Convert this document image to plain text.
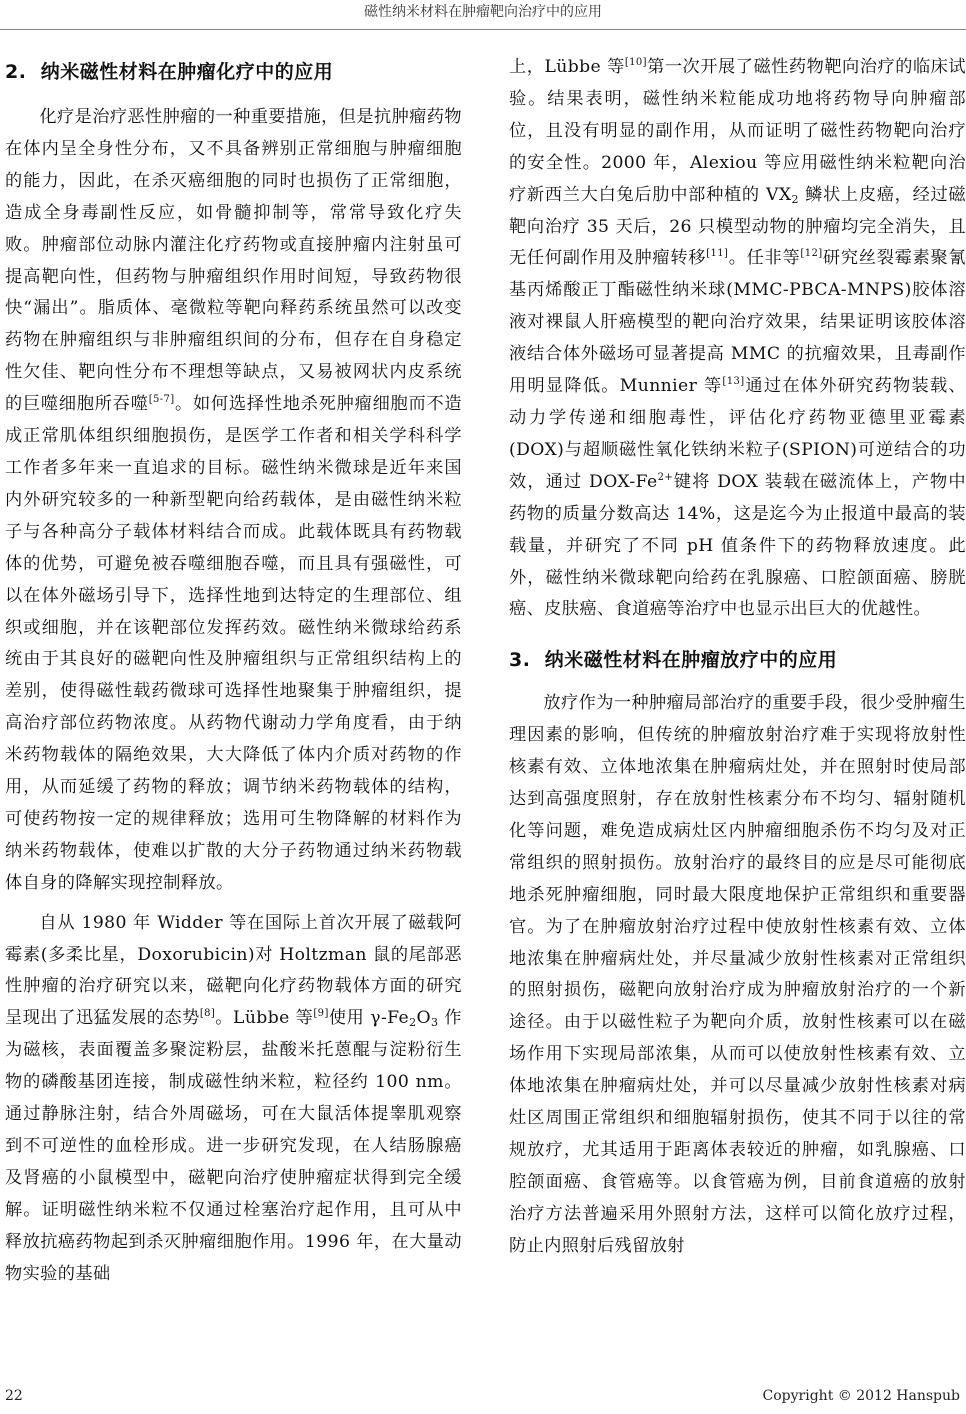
磁性纳米材料在肿瘤靶向治疗中的应用
2. 纳米磁性材料在肿瘤化疗中的应用

化疗是治疗恶性肿瘤的一种重要措施，但是抗肿瘤药物在体内呈全身性分布，又不具备辨别正常细胞与肿瘤细胞的能力，因此，在杀灭癌细胞的同时也损伤了正常细胞，造成全身毒副性反应，如骨髓抑制等，常常导致化疗失败。肿瘤部位动脉内灌注化疗药物或直接肿瘤内注射虽可提高靶向性，但药物与肿瘤组织作用时间短，导致药物很快“漏出”。脂质体、毫微粒等靶向释药系统虽然可以改变药物在肿瘤组织与非肿瘤组织间的分布，但存在自身稳定性欠佳、靶向性分布不理想等缺点，又易被网状内皮系统的巨噬细胞所吞噬[5-7]。如何选择性地杀死肿瘤细胞而不造成正常肌体组织细胞损伤，是医学工作者和相关学科科学工作者多年来一直追求的目标。磁性纳米微球是近年来国内外研究较多的一种新型靶向给药载体，是由磁性纳米粒子与各种高分子载体材料结合而成。此载体既具有药物载体的优势，可避免被吞噬细胞吞噬，而且具有强磁性，可以在体外磁场引导下，选择性地到达特定的生理部位、组织或细胞，并在该靶部位发挥药效。磁性纳米微球给药系统由于其良好的磁靶向性及肿瘤组织与正常组织结构上的差别，使得磁性载药微球可选择性地聚集于肿瘤组织，提高治疗部位药物浓度。从药物代谢动力学角度看，由于纳米药物载体的隔绝效果，大大降低了体内介质对药物的作用，从而延缓了药物的释放；调节纳米药物载体的结构，可使药物按一定的规律释放；选用可生物降解的材料作为纳米药物载体，使难以扩散的大分子药物通过纳米药物载体自身的降解实现控制释放。

自从 1980 年 Widder 等在国际上首次开展了磁载阿霉素(多柔比星，Doxorubicin)对 Holtzman 鼠的尾部恶性肿瘤的治疗研究以来，磁靶向化疗药物载体方面的研究呈现出了迅猛发展的态势[8]。Lübbe 等[9]使用 $\gamma-Fe_2O_3$ 作为磁核，表面覆盖多聚淀粉层，盐酸米托蒽醌与淀粉衍生物的磷酸基团连接，制成磁性纳米粒，粒径约 100 nm。通过静脉注射，结合外周磁场，可在大鼠活体提睾肌观察到不可逆性的血栓形成。进一步研究发现，在人结肠腺癌及肾癌的小鼠模型中，磁靶向治疗使肿瘤症状得到完全缓解。证明磁性纳米粒不仅通过栓塞治疗起作用，且可从中释放抗癌药物起到杀灭肿瘤细胞作用。1996 年，在大量动物实验的基础

上，Lübbe 等[10]第一次开展了磁性药物靶向治疗的临床试验。结果表明，磁性纳米粒能成功地将药物导向肿瘤部位，且没有明显的副作用，从而证明了磁性药物靶向治疗的安全性。2000 年，Alexiou 等应用磁性纳米粒靶向治疗新西兰大白兔后肋中部种植的 $VX_2$ 鳞状上皮癌，经过磁靶向治疗 35 天后，26 只模型动物的肿瘤均完全消失，且无任何副作用及肿瘤转移[11]。任非等[12]研究丝裂霉素聚氰基丙烯酸正丁酯磁性纳米球(MMC-PBCA-MNPS)胶体溶液对裸鼠人肝癌模型的靶向治疗效果，结果证明该胶体溶液结合体外磁场可显著提高 MMC 的抗瘤效果，且毒副作用明显降低。Munnier 等[13]通过在体外研究药物装载、动力学传递和细胞毒性，评估化疗药物亚德里亚霉素(DOX)与超顺磁性氧化铁纳米粒子(SPION)可逆结合的功效，通过 DOX-$Fe^{2+}$键将 DOX 装载在磁流体上，产物中药物的质量分数高达 14%，这是迄今为止报道中最高的装载量，并研究了不同 pH 值条件下的药物释放速度。此外，磁性纳米微球靶向给药在乳腺癌、口腔颌面癌、膀胱癌、皮肤癌、食道癌等治疗中也显示出巨大的优越性。

3. 纳米磁性材料在肿瘤放疗中的应用

放疗作为一种肿瘤局部治疗的重要手段，很少受肿瘤生理因素的影响，但传统的肿瘤放射治疗难于实现将放射性核素有效、立体地浓集在肿瘤病灶处，并在照射时使局部达到高强度照射，存在放射性核素分布不均匀、辐射随机化等问题，难免造成病灶区内肿瘤细胞杀伤不均匀及对正常组织的照射损伤。放射治疗的最终目的应是尽可能彻底地杀死肿瘤细胞，同时最大限度地保护正常组织和重要器官。为了在肿瘤放射治疗过程中使放射性核素有效、立体地浓集在肿瘤病灶处，并尽量减少放射性核素对正常组织的照射损伤，磁靶向放射治疗成为肿瘤放射治疗的一个新途径。由于以磁性粒子为靶向介质，放射性核素可以在磁场作用下实现局部浓集，从而可以使放射性核素有效、立体地浓集在肿瘤病灶处，并可以尽量减少放射性核素对病灶区周围正常组织和细胞辐射损伤，使其不同于以往的常规放疗，尤其适用于距离体表较近的肿瘤，如乳腺癌、口腔颌面癌、食管癌等。以食管癌为例，目前食道癌的放射治疗方法普遍采用外照射方法，这样可以简化放疗过程，防止内照射后残留放射

22	Copyright © 2012 Hanspub
